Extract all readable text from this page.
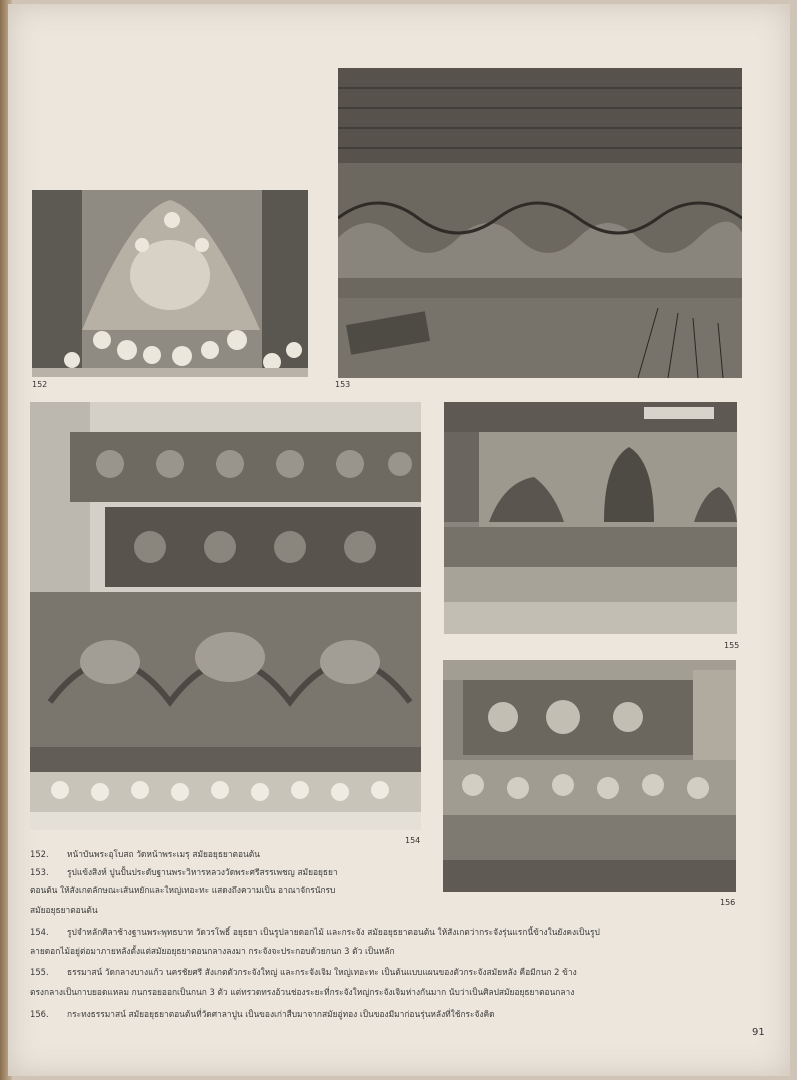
152	153
154
155
156
152.	หน้าบันพระอุโบสถ วัดหน้าพระเมรุ สมัยอยุธยาตอนต้น
153.	รูปแข้งสิงห์ ปูนปั้นประดับฐานพระวิหารหลวงวัดพระศรีสรรเพชญ สมัยอยุธยา
ตอนต้น ให้สังเกตลักษณะเส้นหยักและใหญ่เทอะทะ แสดงถึงความเป็น อาณาจักรนักรบ
สมัยอยุธยาตอนต้น
154.	รูปจำหลักศิลาช้างฐานพระพุทธบาท วัดวรโพธิ์ อยุธยา เป็นรูปลายดอกไม้ และกระจัง สมัยอยุธยาตอนต้น ให้สังเกตว่ากระจังรุ่นแรกนี้ข้างในยังคงเป็นรูป
ลายดอกไม้อยู่ต่อมาภายหลังตั้งแต่สมัยอยุธยาตอนกลางลงมา กระจังจะประกอบด้วยกนก 3 ตัว เป็นหลัก
155.	ธรรมาสน์ วัดกลางบางแก้ว นครชัยศรี สังเกตตัวกระจังใหญ่ และกระจังเจิม ใหญ่เทอะทะ เป็นต้นแบบแผนของตัวกระจังสมัยหลัง คือมีกนก 2 ข้าง
ตรงกลางเป็นกาบยอดแหลม กนกรอยออกเป็นกนก 3 ตัว แต่ทรวดทรงอ้วนช่องระยะที่กระจังใหญ่กระจังเจิมห่างกันมาก นับว่าเป็นศิลปสมัยอยุธยาตอนกลาง
156.	กระทงธรรมาสน์ สมัยอยุธยาตอนต้นที่วัดศาลาปูน เป็นของเก่าสืบมาจากสมัยอู่ทอง เป็นของมีมาก่อนรุ่นหลังที่ใช้กระจังคิด
91
